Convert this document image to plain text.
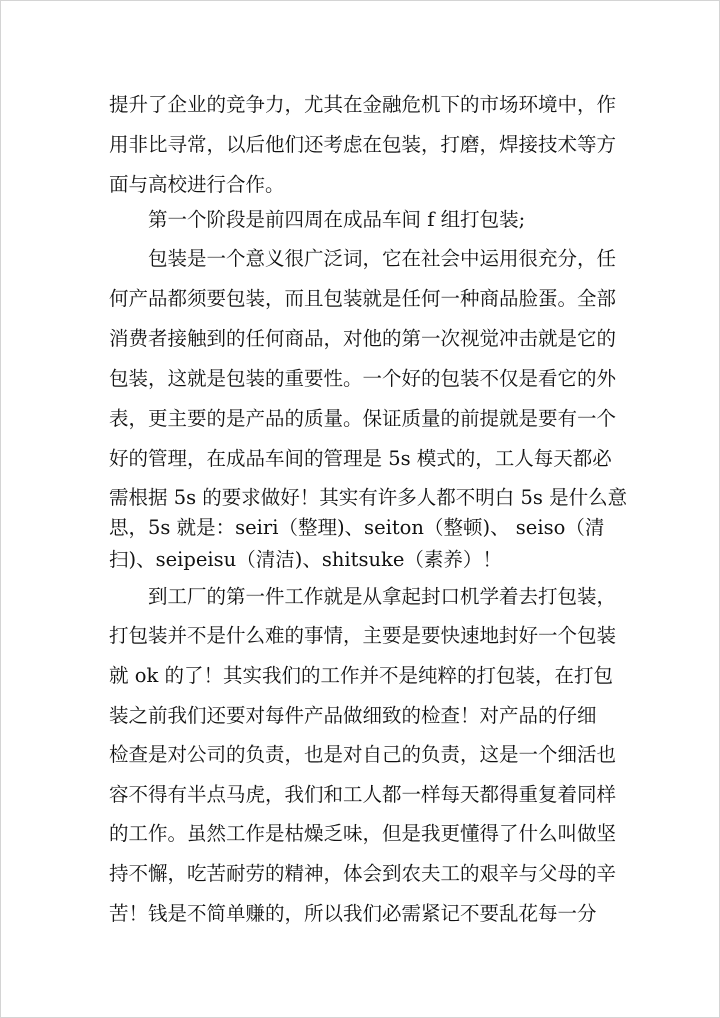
提升了企业的竞争力，尤其在金融危机下的市场环境中，作
用非比寻常，以后他们还考虑在包装，打磨，焊接技术等方
面与高校进行合作。
第一个阶段是前四周在成品车间 f 组打包装;
包装是一个意义很广泛词，它在社会中运用很充分，任
何产品都须要包装，而且包装就是任何一种商品脸蛋。全部
消费者接触到的任何商品，对他的第一次视觉冲击就是它的
包装，这就是包装的重要性。一个好的包装不仅是看它的外
表，更主要的是产品的质量。保证质量的前提就是要有一个
好的管理，在成品车间的管理是 5s 模式的，工人每天都必
需根据 5s 的要求做好！其实有许多人都不明白 5s 是什么意
思，5s 就是：seiri（整理)、seiton（整顿)、 seiso（清
扫)、seipeisu（清洁)、shitsuke（素养）！
到工厂的第一件工作就是从拿起封口机学着去打包装，
打包装并不是什么难的事情，主要是要快速地封好一个包装
就 ok 的了！其实我们的工作并不是纯粹的打包装，在打包
装之前我们还要对每件产品做细致的检查！对产品的仔细
检查是对公司的负责，也是对自己的负责，这是一个细活也
容不得有半点马虎，我们和工人都一样每天都得重复着同样
的工作。虽然工作是枯燥乏味，但是我更懂得了什么叫做坚
持不懈，吃苦耐劳的精神，体会到农夫工的艰辛与父母的辛
苦！钱是不简单赚的，所以我们必需紧记不要乱花每一分
